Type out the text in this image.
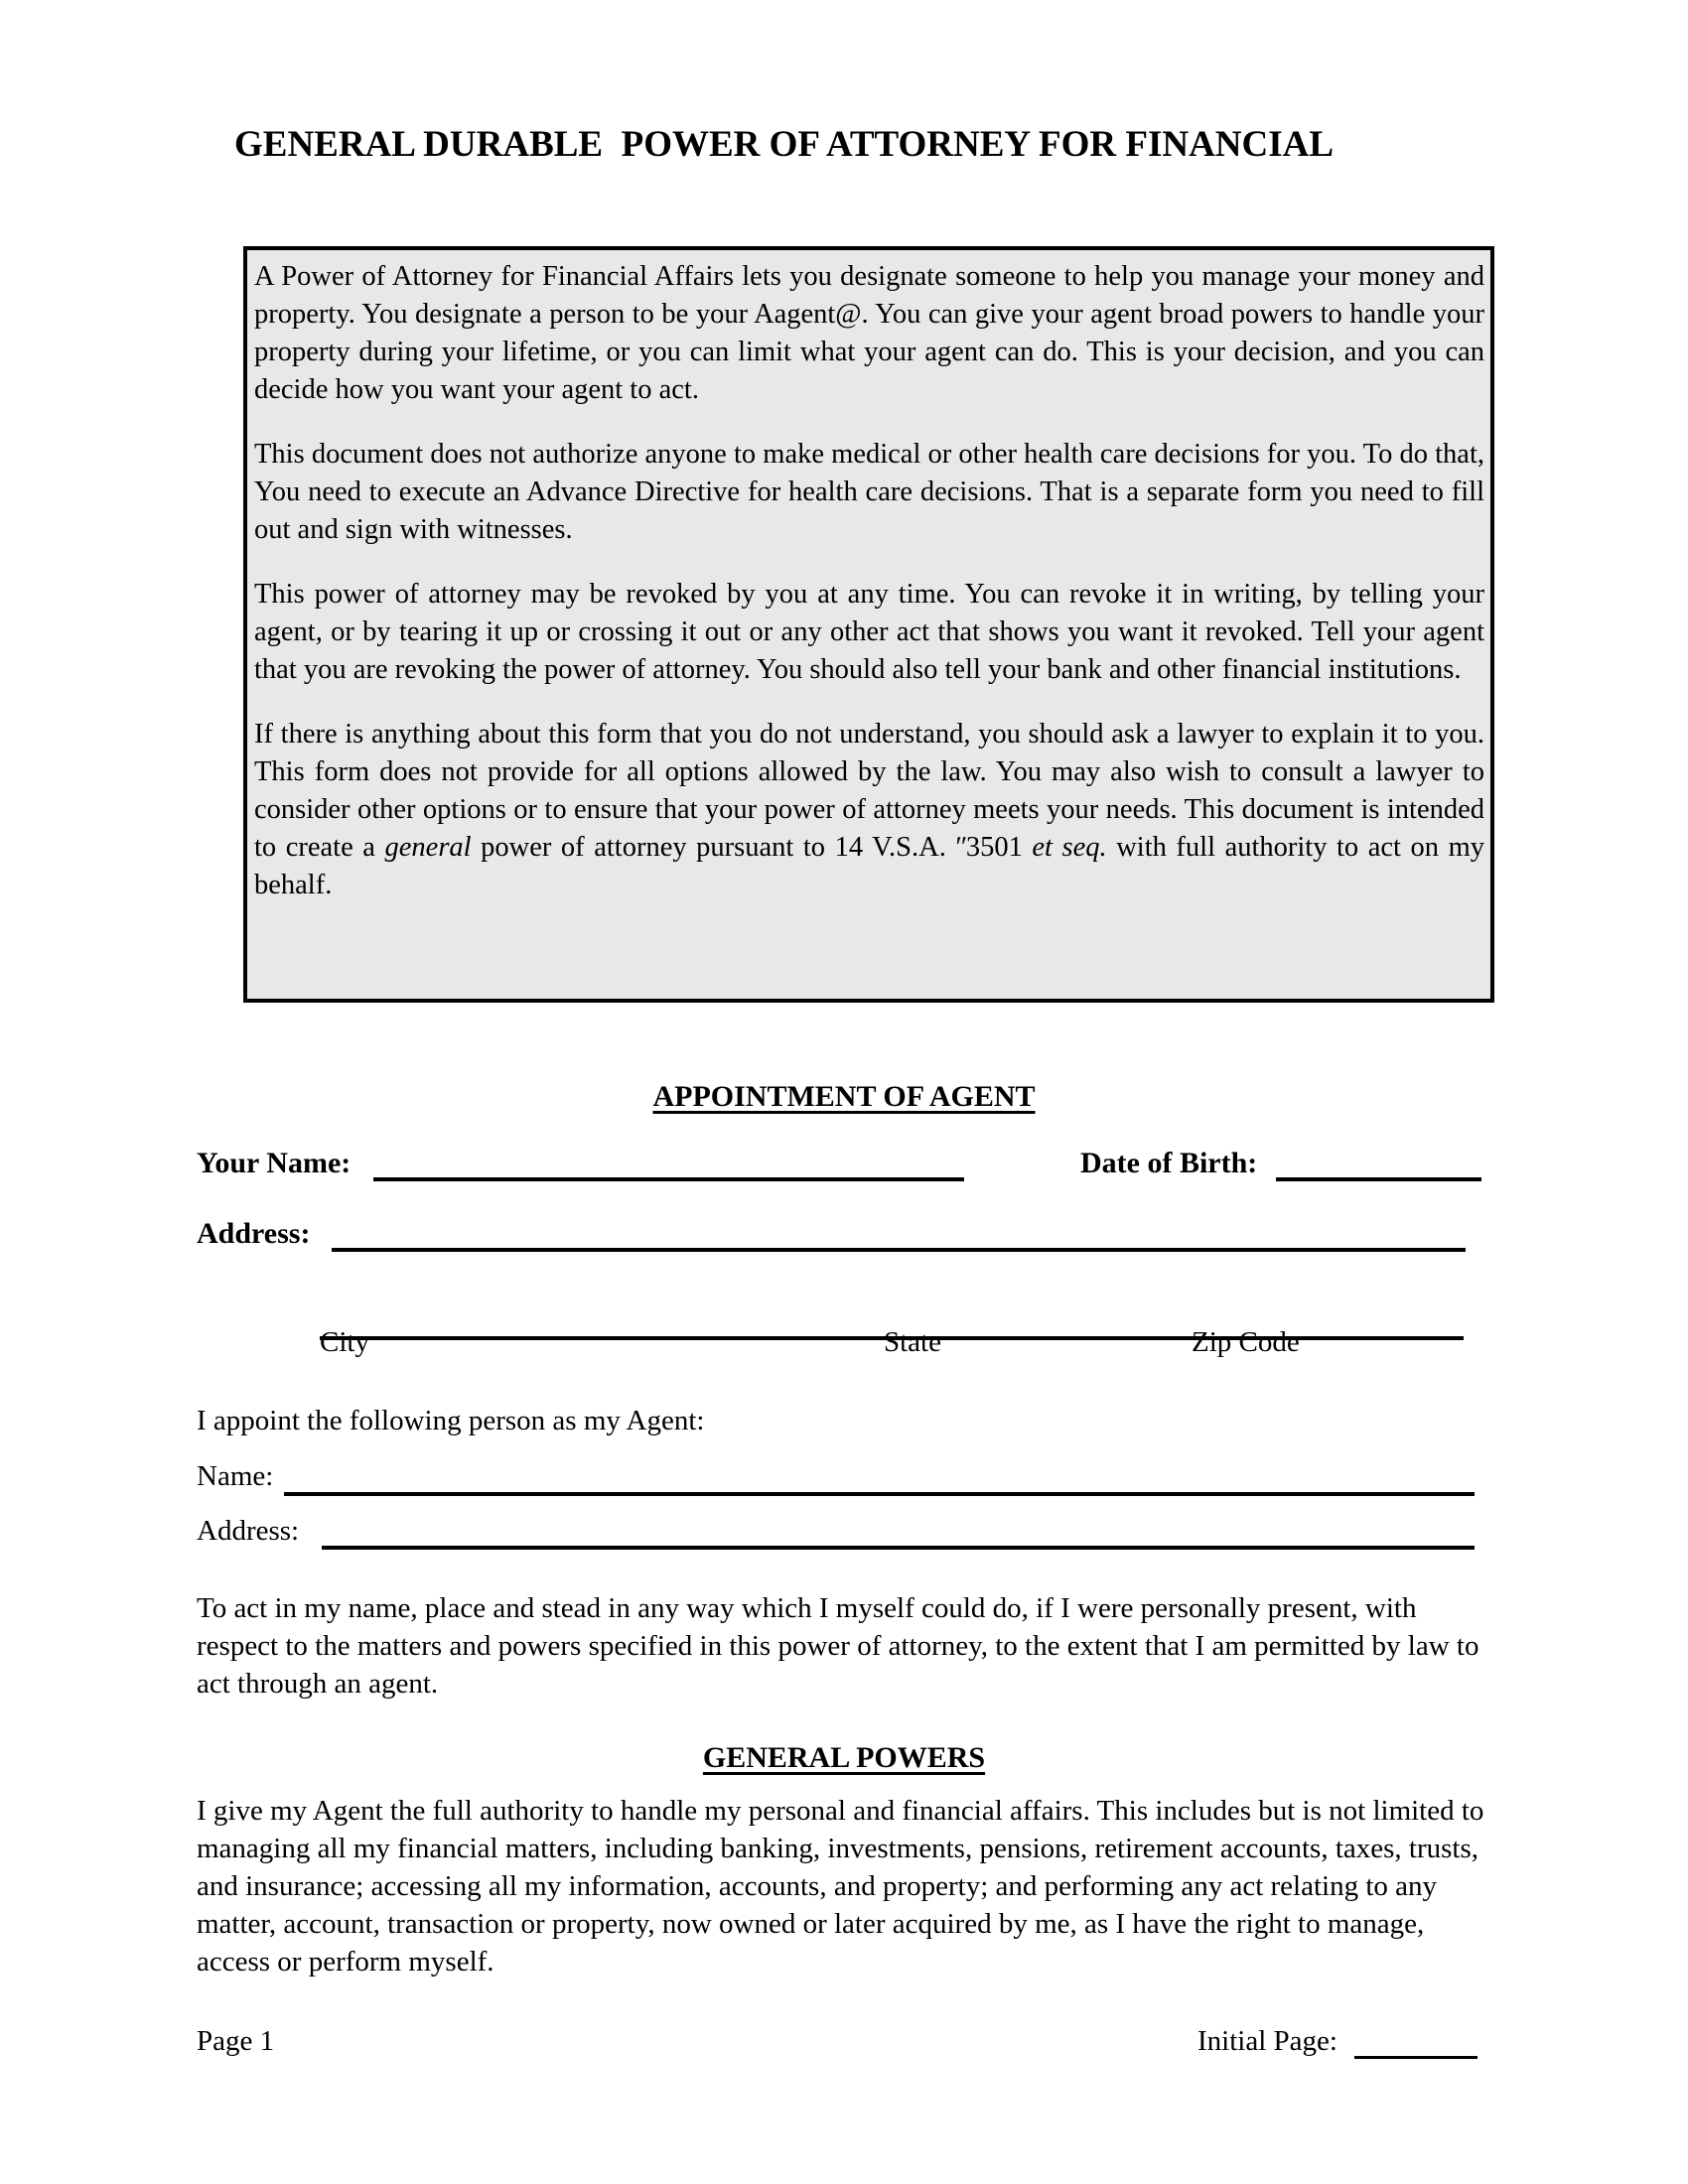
GENERAL DURABLE  POWER OF ATTORNEY FOR FINANCIAL

A Power of Attorney for Financial Affairs lets you designate someone to help you manage your money and property. You designate a person to be your Aagent@. You can give your agent broad powers to handle your property during your lifetime, or you can limit what your agent can do. This is your decision, and you can decide how you want your agent to act.

This document does not authorize anyone to make medical or other health care decisions for you. To do that, You need to execute an Advance Directive for health care decisions. That is a separate form you need to fill out and sign with witnesses.

This power of attorney may be revoked by you at any time. You can revoke it in writing, by telling your agent, or by tearing it up or crossing it out or any other act that shows you want it revoked. Tell your agent that you are revoking the power of attorney. You should also tell your bank and other financial institutions.

If there is anything about this form that you do not understand, you should ask a lawyer to explain it to you. This form does not provide for all options allowed by the law. You may also wish to consult a lawyer to consider other options or to ensure that your power of attorney meets your needs. This document is intended to create a general power of attorney pursuant to 14 V.S.A. ʺ3501 et seq. with full authority to act on my behalf.

APPOINTMENT OF AGENT
Your Name:	Date of Birth:
Address:
City	State	Zip Code
I appoint the following person as my Agent:
Name:
Address:
To act in my name, place and stead in any way which I myself could do, if I were personally present, with respect to the matters and powers specified in this power of attorney, to the extent that I am permitted by law to act through an agent.
GENERAL POWERS
I give my Agent the full authority to handle my personal and financial affairs. This includes but is not limited to managing all my financial matters, including banking, investments, pensions, retirement accounts, taxes, trusts, and insurance; accessing all my information, accounts, and property; and performing any act relating to any matter, account, transaction or property, now owned or later acquired by me, as I have the right to manage, access or perform myself.
Page 1	Initial Page:
